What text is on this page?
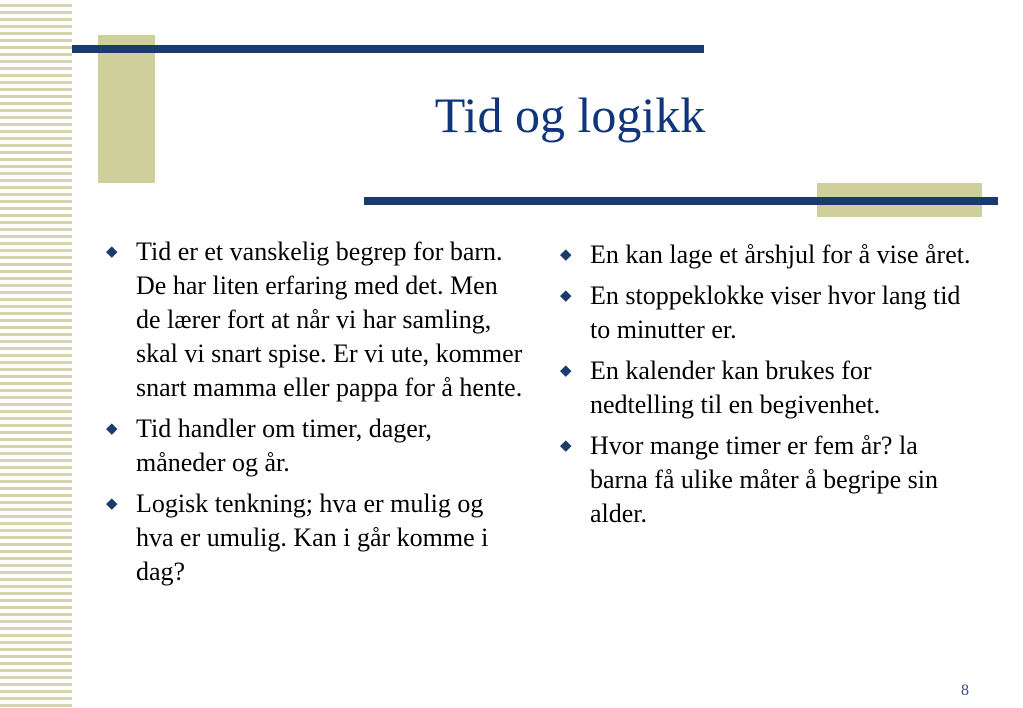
Tid og logikk
◆ Tid er et vanskelig begrep for barn. De har liten erfaring med det. Men de lærer fort at når vi har samling, skal vi snart spise. Er vi ute, kommer snart mamma eller pappa for å hente.
◆ Tid handler om timer, dager, måneder og år.
◆ Logisk tenkning; hva er mulig og hva er umulig. Kan i går komme i dag?
◆ En kan lage et årshjul for å vise året.
◆ En stoppeklokke viser hvor lang tid to minutter er.
◆ En kalender kan brukes for nedtelling til en begivenhet.
◆ Hvor mange timer er fem år? la barna få ulike måter å begripe sin alder.
8
